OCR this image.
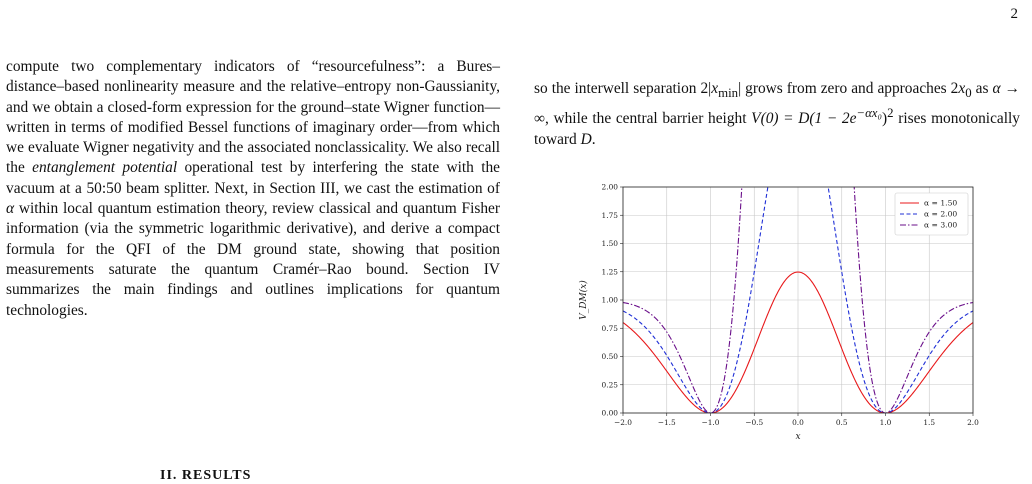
2

compute two complementary indicators of “resourcefulness”: a Bures–distance–based nonlinearity measure and the relative–entropy non-Gaussianity, and we obtain a closed-form expression for the ground–state Wigner function—written in terms of modified Bessel functions of imaginary order—from which we evaluate Wigner negativity and the associated nonclassicality. We also recall the entanglement potential operational test by interfering the state with the vacuum at a 50:50 beam splitter. Next, in Section III, we cast the estimation of α within local quantum estimation theory, review classical and quantum Fisher information (via the symmetric logarithmic derivative), and derive a compact formula for the QFI of the DM ground state, showing that position measurements saturate the quantum Cramér–Rao bound. Section IV summarizes the main findings and outlines implications for quantum technologies.

so the interwell separation $2|x_{min}|$ grows from zero and approaches $2x_0$ as α → ∞, while the central barrier height $V(0) = D(1 - 2e^{-\alpha x_0})^2$ rises monotonically toward D.

−2.0	−1.5	−1.0	−0.5	0.0	0.5	1.0	1.5	2.0
0.00
0.25
0.50
0.75
1.00
1.25
1.50
1.75
2.00
x
V_DM(x)
α = 1.50
α = 2.00
α = 3.00
II. RESULTS
